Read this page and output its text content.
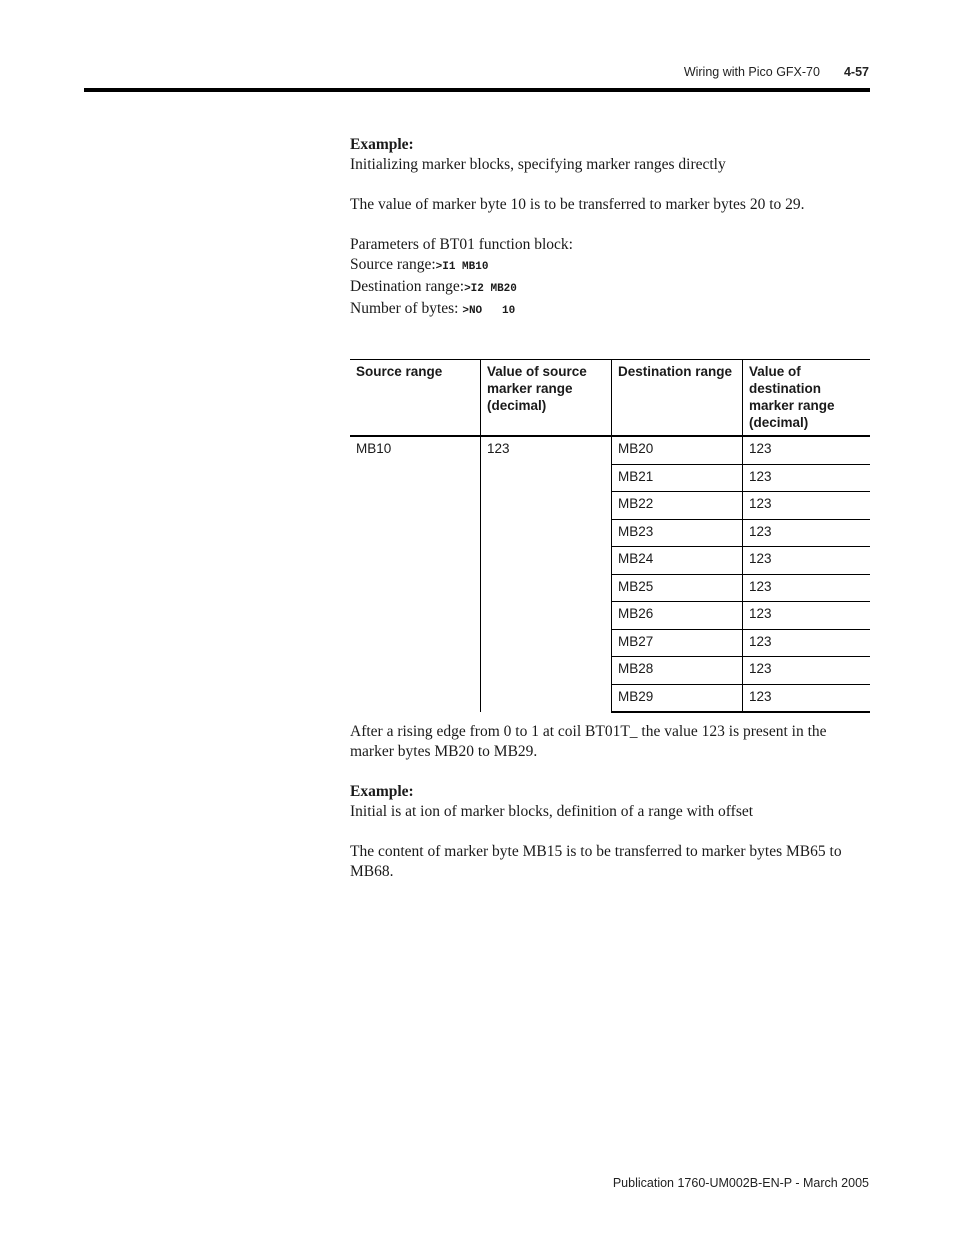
Wiring with Pico GFX-70 4-57

Example:

Initializing marker blocks, specifying marker ranges directly

The value of marker byte 10 is to be transferred to marker bytes 20 to 29.

Parameters of BT01 function block:

Source range:>I1 MB10

Destination range:>I2 MB20

Number of bytes: >NO   10

Source range	Value of source marker range (decimal)	Destination range	Value of destination marker range (decimal)
MB10	123	MB20	123
		MB21	123
		MB22	123
		MB23	123
		MB24	123
		MB25	123
		MB26	123
		MB27	123
		MB28	123
		MB29	123

After a rising edge from 0 to 1 at coil BT01T_ the value 123 is present in the marker bytes MB20 to MB29.

Example:

Initial is at ion of marker blocks, definition of a range with offset

The content of marker byte MB15 is to be transferred to marker bytes MB65 to MB68.

Publication 1760-UM002B-EN-P - March 2005
